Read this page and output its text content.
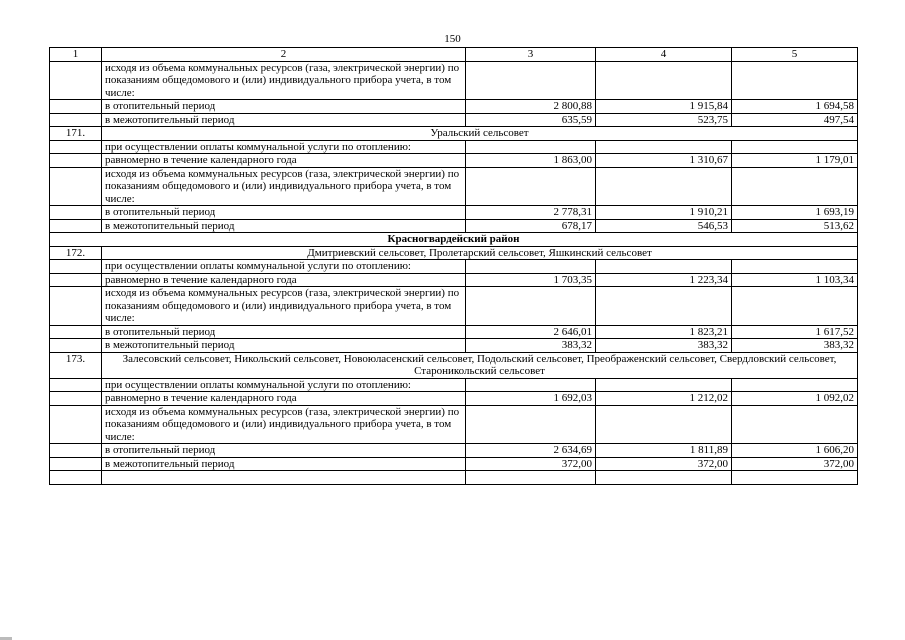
150
1	2	3	4	5
	исходя из объема коммунальных ресурсов (газа, электрической энергии) по показаниям общедомового и (или) индивидуального прибора учета, в том числе:			
	в отопительный период	2 800,88	1 915,84	1 694,58
	в межотопительный период	635,59	523,75	497,54
171.	Уральский сельсовет			
	при осуществлении оплаты коммунальной услуги по отоплению:			
	равномерно в течение календарного года	1 863,00	1 310,67	1 179,01
	исходя из объема коммунальных ресурсов (газа, электрической энергии) по показаниям общедомового и (или) индивидуального прибора учета, в том числе:			
	в отопительный период	2 778,31	1 910,21	1 693,19
	в межотопительный период	678,17	546,53	513,62
Красногвардейский район				
172.	Дмитриевский сельсовет, Пролетарский сельсовет, Яшкинский сельсовет			
	при осуществлении оплаты коммунальной услуги по отоплению:			
	равномерно в течение календарного года	1 703,35	1 223,34	1 103,34
	исходя из объема коммунальных ресурсов (газа, электрической энергии) по показаниям общедомового и (или) индивидуального прибора учета, в том числе:			
	в отопительный период	2 646,01	1 823,21	1 617,52
	в межотопительный период	383,32	383,32	383,32
173.	Залесовский сельсовет, Никольский сельсовет, Новоюласенский сельсовет, Подольский сельсовет, Преображенский сельсовет, Свердловский сельсовет, Староникольский сельсовет			
	при осуществлении оплаты коммунальной услуги по отоплению:			
	равномерно в течение календарного года	1 692,03	1 212,02	1 092,02
	исходя из объема коммунальных ресурсов (газа, электрической энергии) по показаниям общедомового и (или) индивидуального прибора учета, в том числе:			
	в отопительный период	2 634,69	1 811,89	1 606,20
	в межотопительный период	372,00	372,00	372,00
